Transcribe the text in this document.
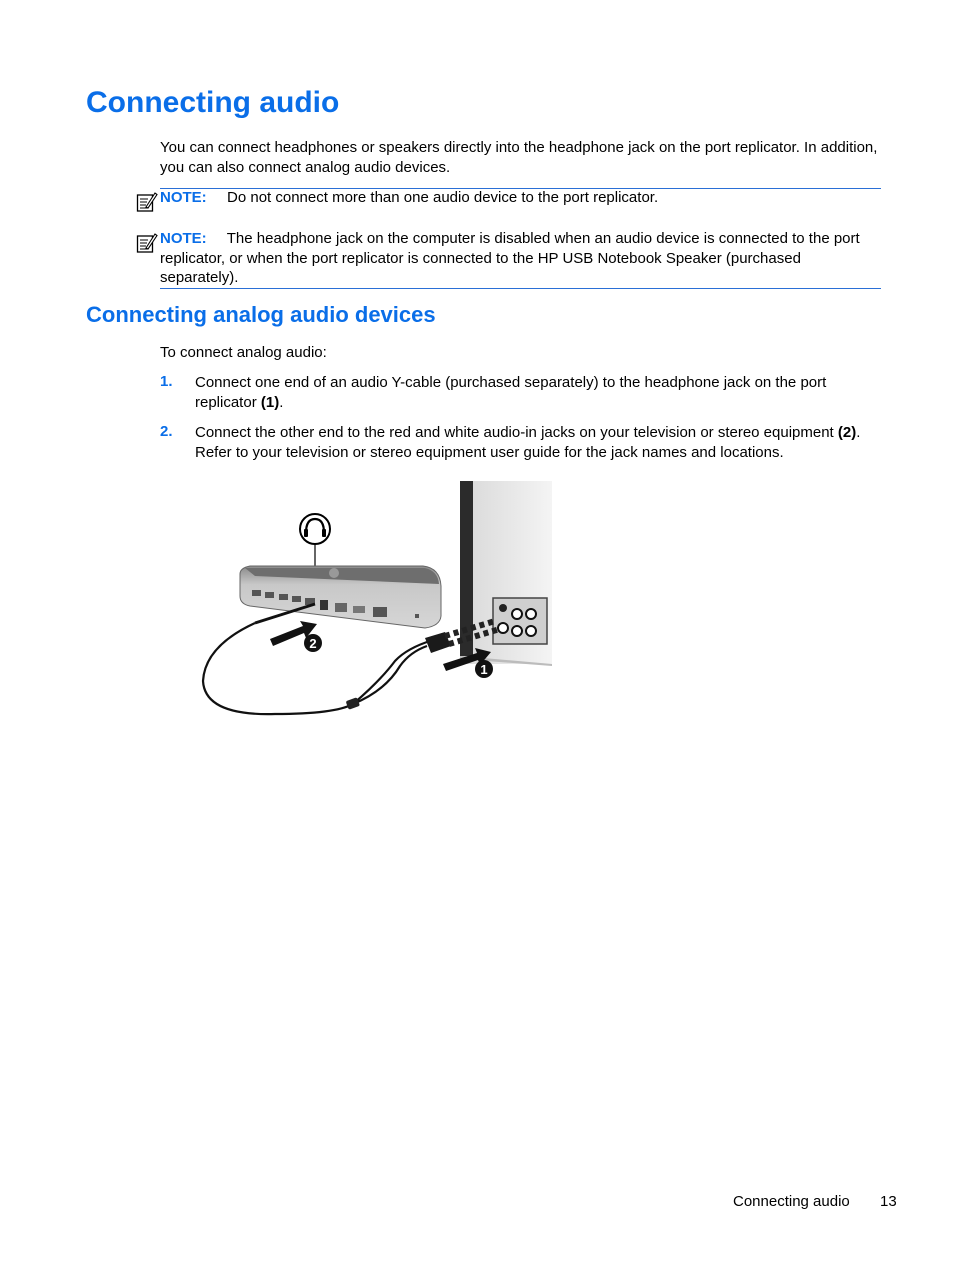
Connecting audio

You can connect headphones or speakers directly into the headphone jack on the port replicator. In addition, you can also connect analog audio devices.

NOTE: Do not connect more than one audio device to the port replicator.
NOTE: The headphone jack on the computer is disabled when an audio device is connected to the port replicator, or when the port replicator is connected to the HP USB Notebook Speaker (purchased separately).
Connecting analog audio devices

To connect analog audio:

1. Connect one end of an audio Y-cable (purchased separately) to the headphone jack on the port replicator (1).
2. Connect the other end to the red and white audio-in jacks on your television or stereo equipment (2). Refer to your television or stereo equipment user guide for the jack names and locations.
2
1
Connecting audio 13
